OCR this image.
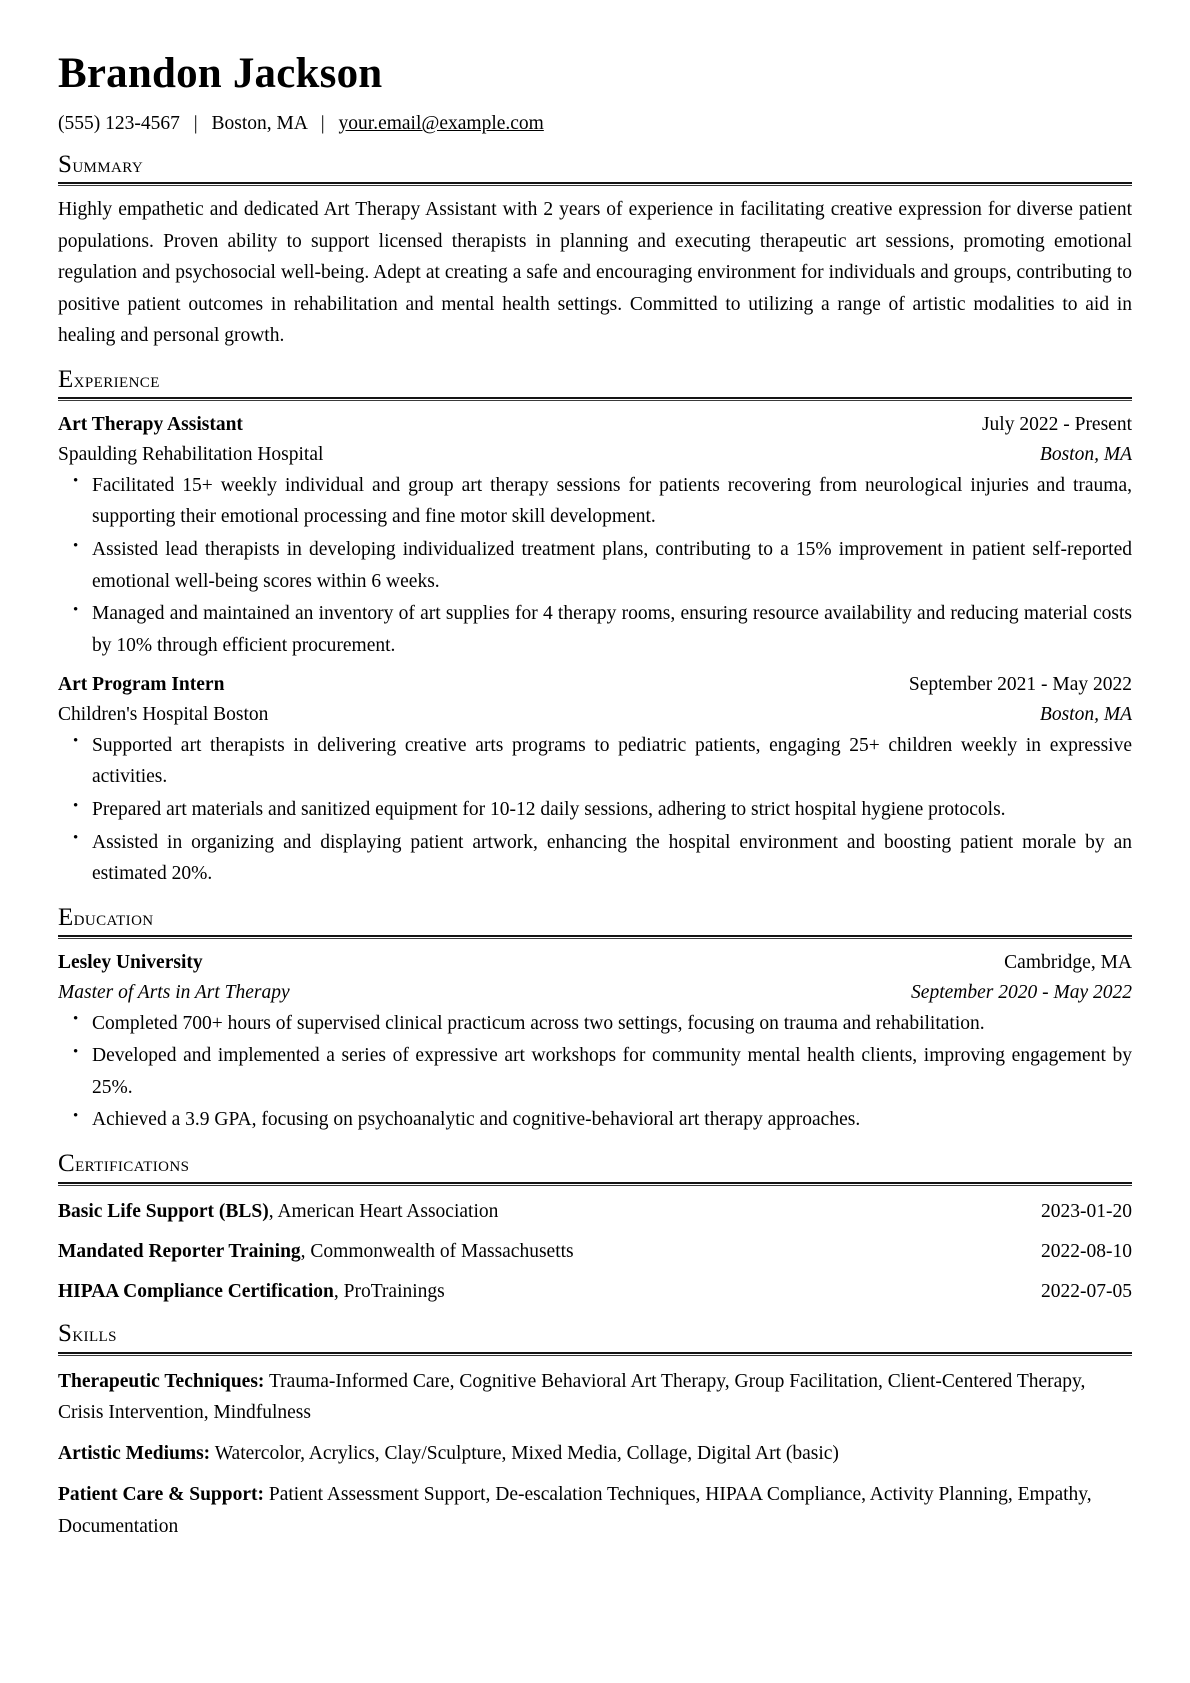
Brandon Jackson
(555) 123-4567 | Boston, MA | your.email@example.com
Summary

Highly empathetic and dedicated Art Therapy Assistant with 2 years of experience in facilitating creative expression for diverse patient populations. Proven ability to support licensed therapists in planning and executing therapeutic art sessions, promoting emotional regulation and psychosocial well-being. Adept at creating a safe and encouraging environment for individuals and groups, contributing to positive patient outcomes in rehabilitation and mental health settings. Committed to utilizing a range of artistic modalities to aid in healing and personal growth.

Experience
Art Therapy Assistant	July 2022 - Present
Spaulding Rehabilitation Hospital	Boston, MA
• Facilitated 15+ weekly individual and group art therapy sessions for patients recovering from neurological injuries and trauma, supporting their emotional processing and fine motor skill development.
• Assisted lead therapists in developing individualized treatment plans, contributing to a 15% improvement in patient self-reported emotional well-being scores within 6 weeks.
• Managed and maintained an inventory of art supplies for 4 therapy rooms, ensuring resource availability and reducing material costs by 10% through efficient procurement.
Art Program Intern	September 2021 - May 2022
Children's Hospital Boston	Boston, MA
• Supported art therapists in delivering creative arts programs to pediatric patients, engaging 25+ children weekly in expressive activities.
• Prepared art materials and sanitized equipment for 10-12 daily sessions, adhering to strict hospital hygiene protocols.
• Assisted in organizing and displaying patient artwork, enhancing the hospital environment and boosting patient morale by an estimated 20%.
Education
Lesley University	Cambridge, MA
Master of Arts in Art Therapy	September 2020 - May 2022
• Completed 700+ hours of supervised clinical practicum across two settings, focusing on trauma and rehabilitation.
• Developed and implemented a series of expressive art workshops for community mental health clients, improving engagement by 25%.
• Achieved a 3.9 GPA, focusing on psychoanalytic and cognitive-behavioral art therapy approaches.
Certifications
Basic Life Support (BLS), American Heart Association	2023-01-20
Mandated Reporter Training, Commonwealth of Massachusetts	2022-08-10
HIPAA Compliance Certification, ProTrainings	2022-07-05
Skills
Therapeutic Techniques: Trauma-Informed Care, Cognitive Behavioral Art Therapy, Group Facilitation, Client-Centered Therapy, Crisis Intervention, Mindfulness
Artistic Mediums: Watercolor, Acrylics, Clay/Sculpture, Mixed Media, Collage, Digital Art (basic)
Patient Care & Support: Patient Assessment Support, De-escalation Techniques, HIPAA Compliance, Activity Planning, Empathy, Documentation
